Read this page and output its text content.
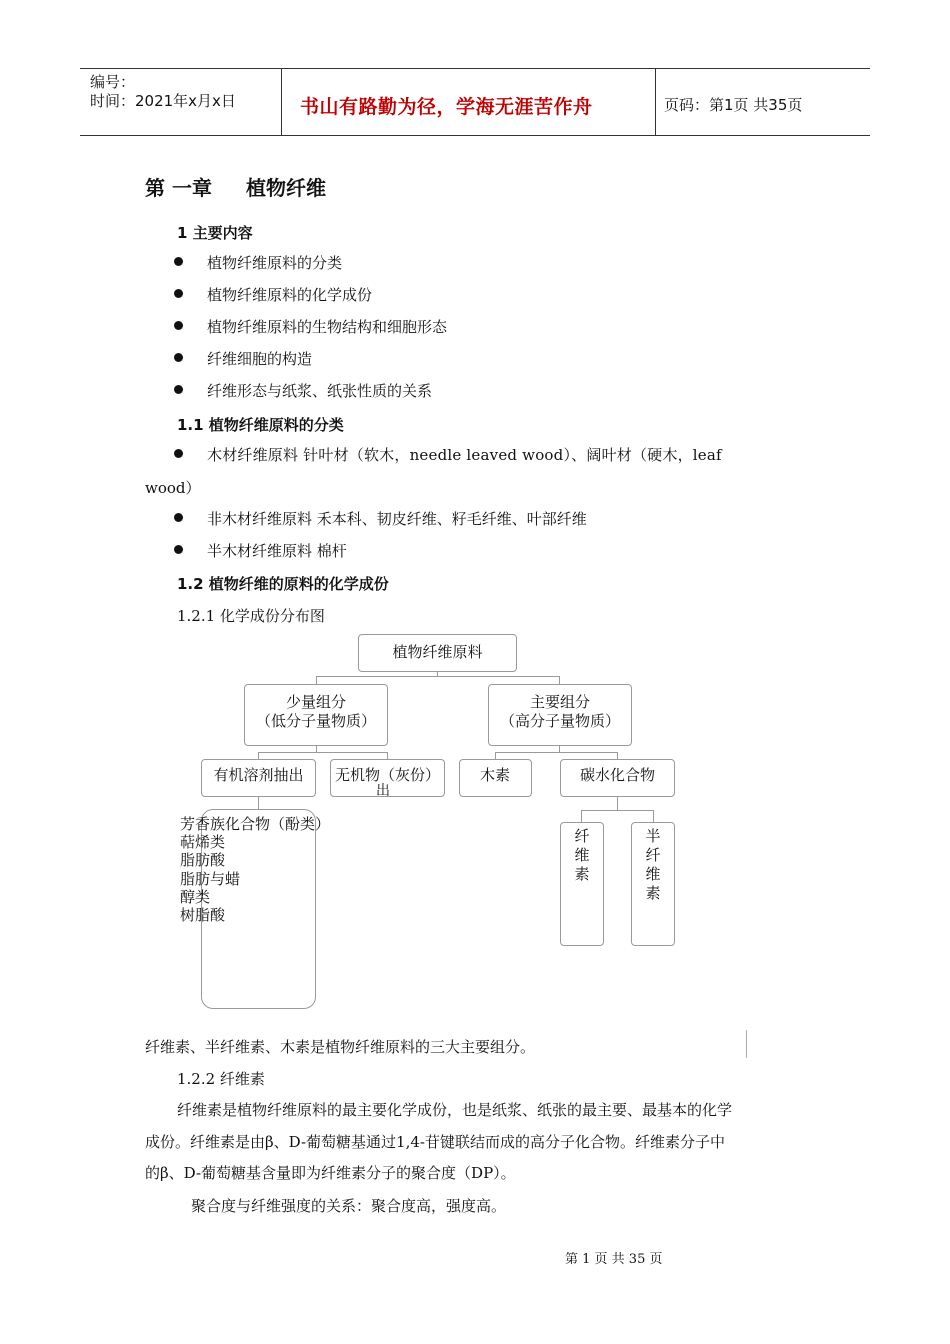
编号：
时间：2021年x月x日	书山有路勤为径，学海无涯苦作舟	页码：第1页 共35页
第 一章 植物纤维
1 主要内容
植物纤维原料的分类
植物纤维原料的化学成份
植物纤维原料的生物结构和细胞形态
纤维细胞的构造
纤维形态与纸浆、纸张性质的关系
1.1 植物纤维原料的分类
木材纤维原料 针叶材（软木，needle leaved wood）、阔叶材（硬木，leaf
wood）
非木材纤维原料 禾本科、韧皮纤维、籽毛纤维、叶部纤维
半木材纤维原料 棉杆
1.2 植物纤维的原料的化学成份
1.2.1 化学成份分布图
植物纤维原料
少量组分
（低分子量物质）
主要组分
（高分子量物质）
有机溶剂抽出	无机物（灰份）
出
木素	碳水化合物
芳香族化合物（酚类）
萜烯类
脂肪酸
脂肪与蜡
醇类
树脂酸
纤维素
半纤维素
纤维素、半纤维素、木素是植物纤维原料的三大主要组分。
1.2.2 纤维素
纤维素是植物纤维原料的最主要化学成份，也是纸浆、纸张的最主要、最基本的化学
成份。纤维素是由β、D-葡萄糖基通过1,4-苷键联结而成的高分子化合物。纤维素分子中
的β、D-葡萄糖基含量即为纤维素分子的聚合度（DP）。
聚合度与纤维强度的关系：聚合度高，强度高。
第 1 页 共 35 页
